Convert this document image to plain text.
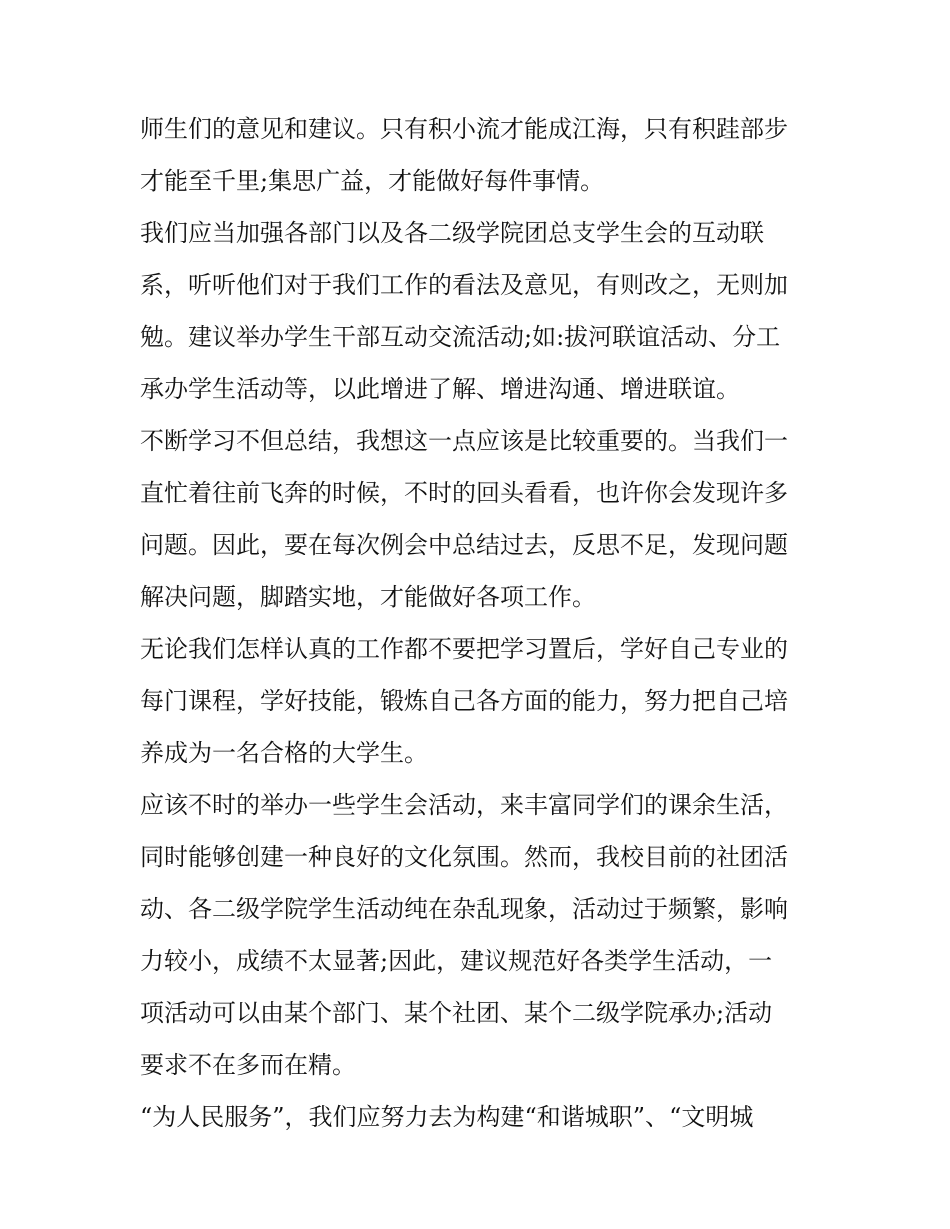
师生们的意见和建议。只有积小流才能成江海，只有积跬部步
才能至千里;集思广益，才能做好每件事情。

我们应当加强各部门以及各二级学院团总支学生会的互动联
系，听听他们对于我们工作的看法及意见，有则改之，无则加
勉。建议举办学生干部互动交流活动;如:拔河联谊活动、分工
承办学生活动等，以此增进了解、增进沟通、增进联谊。

不断学习不但总结，我想这一点应该是比较重要的。当我们一
直忙着往前飞奔的时候，不时的回头看看，也许你会发现许多
问题。因此，要在每次例会中总结过去，反思不足，发现问题
解决问题，脚踏实地，才能做好各项工作。

无论我们怎样认真的工作都不要把学习置后，学好自己专业的
每门课程，学好技能，锻炼自己各方面的能力，努力把自己培
养成为一名合格的大学生。

应该不时的举办一些学生会活动，来丰富同学们的课余生活，
同时能够创建一种良好的文化氛围。然而，我校目前的社团活
动、各二级学院学生活动纯在杂乱现象，活动过于频繁，影响
力较小，成绩不太显著;因此，建议规范好各类学生活动，一
项活动可以由某个部门、某个社团、某个二级学院承办;活动
要求不在多而在精。

“为人民服务”，我们应努力去为构建“和谐城职”、“文明城
